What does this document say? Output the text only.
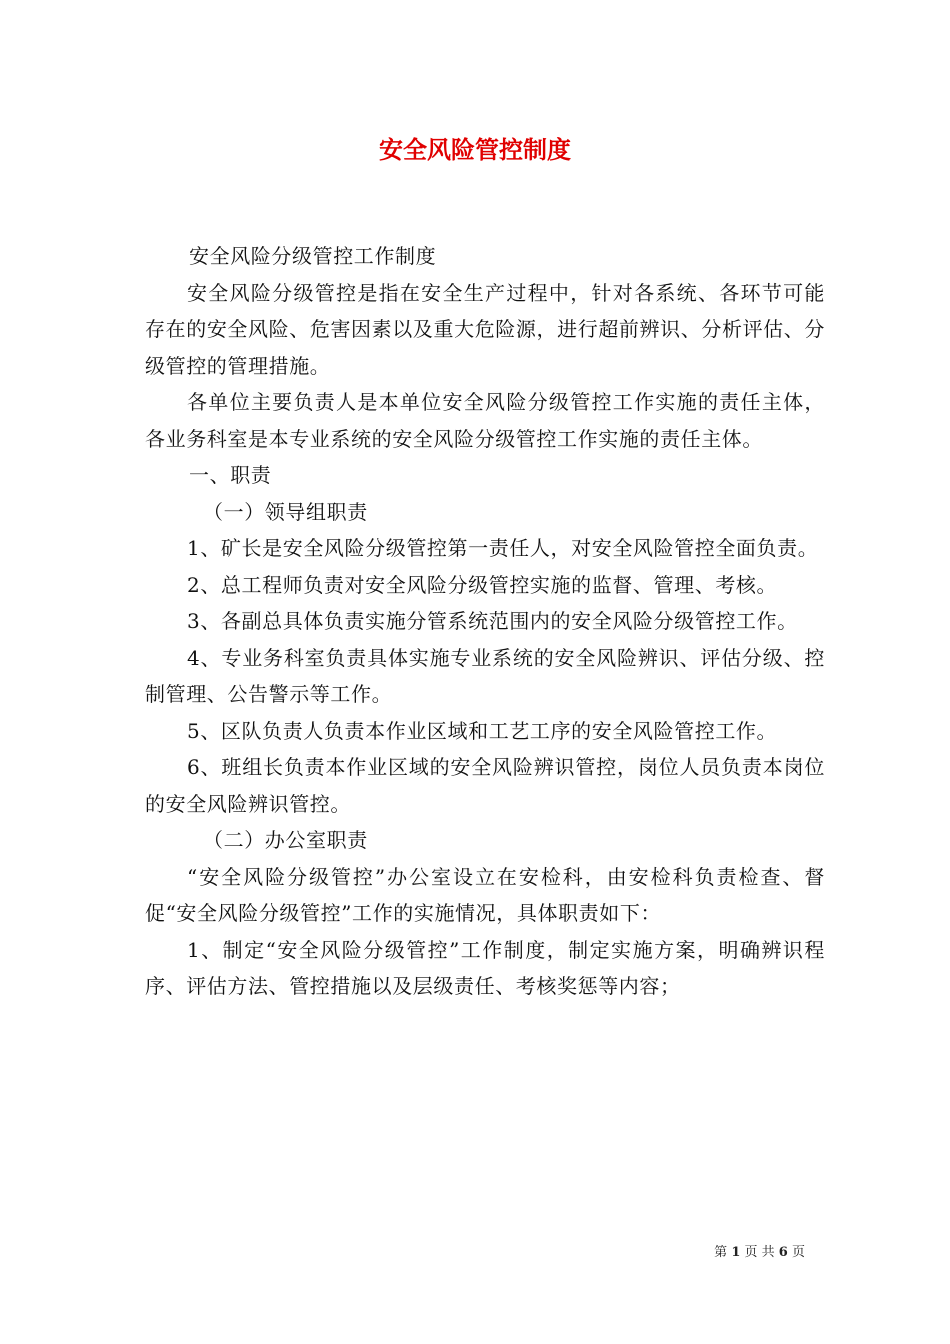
安全风险管控制度

安全风险分级管控工作制度

安全风险分级管控是指在安全生产过程中，针对各系统、各环节可能存在的安全风险、危害因素以及重大危险源，进行超前辨识、分析评估、分级管控的管理措施。

各单位主要负责人是本单位安全风险分级管控工作实施的责任主体，各业务科室是本专业系统的安全风险分级管控工作实施的责任主体。

一、职责

（一）领导组职责

1、矿长是安全风险分级管控第一责任人，对安全风险管控全面负责。

2、总工程师负责对安全风险分级管控实施的监督、管理、考核。

3、各副总具体负责实施分管系统范围内的安全风险分级管控工作。

4、专业务科室负责具体实施专业系统的安全风险辨识、评估分级、控制管理、公告警示等工作。

5、区队负责人负责本作业区域和工艺工序的安全风险管控工作。

6、班组长负责本作业区域的安全风险辨识管控，岗位人员负责本岗位的安全风险辨识管控。

（二）办公室职责

“安全风险分级管控”办公室设立在安检科，由安检科负责检查、督促“安全风险分级管控”工作的实施情况，具体职责如下：

1、制定“安全风险分级管控”工作制度，制定实施方案，明确辨识程序、评估方法、管控措施以及层级责任、考核奖惩等内容；

第 1 页 共 6 页
